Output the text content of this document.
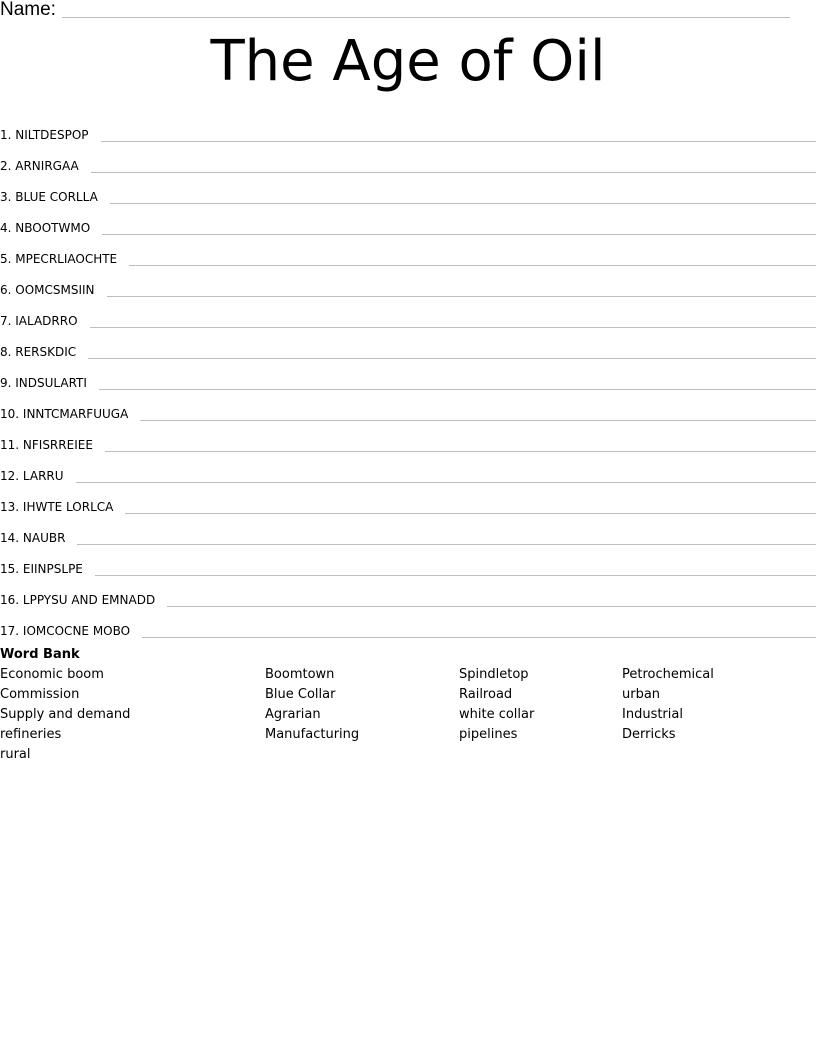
Name:
The Age of Oil
1. NILTDESPOP
2. ARNIRGAA
3. BLUE CORLLA
4. NBOOTWMO
5. MPECRLIAOCHTE
6. OOMCSMSIIN
7. IALADRRO
8. RERSKDIC
9. INDSULARTI
10. INNTCMARFUUGA
11. NFISRREIEE
12. LARRU
13. IHWTE LORLCA
14. NAUBR
15. EIINPSLPE
16. LPPYSU AND EMNADD
17. IOMCOCNE MOBO
Word Bank
Economic boom
Commission
Supply and demand
refineries
rural
Boomtown
Blue Collar
Agrarian
Manufacturing
Spindletop
Railroad
white collar
pipelines
Petrochemical
urban
Industrial
Derricks
